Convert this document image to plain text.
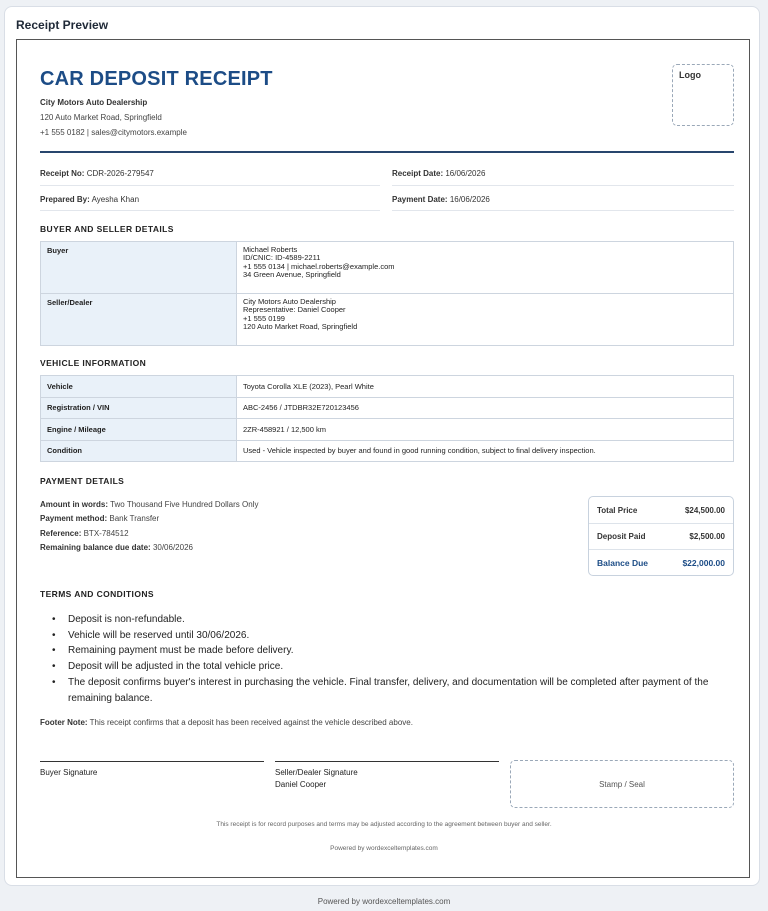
Receipt Preview
CAR DEPOSIT RECEIPT
City Motors Auto Dealership
120 Auto Market Road, Springfield
+1 555 0182 | sales@citymotors.example
Logo
Receipt No: CDR-2026-279547	Receipt Date: 16/06/2026
Prepared By: Ayesha Khan	Payment Date: 16/06/2026
BUYER AND SELLER DETAILS
Buyer	Michael Roberts
ID/CNIC: ID-4589-2211
+1 555 0134 | michael.roberts@example.com
34 Green Avenue, Springfield

Seller/Dealer	City Motors Auto Dealership
Representative: Daniel Cooper
+1 555 0199
120 Auto Market Road, Springfield
VEHICLE INFORMATION
Vehicle	Toyota Corolla XLE (2023), Pearl White
Registration / VIN	ABC-2456 / JTDBR32E720123456
Engine / Mileage	2ZR-458921 / 12,500 km
Condition	Used - Vehicle inspected by buyer and found in good running condition, subject to final delivery inspection.
PAYMENT DETAILS
Amount in words: Two Thousand Five Hundred Dollars Only
Payment method: Bank Transfer
Reference: BTX-784512
Remaining balance due date: 30/06/2026
Total Price	$24,500.00
Deposit Paid	$2,500.00
Balance Due	$22,000.00
TERMS AND CONDITIONS
• Deposit is non-refundable.
• Vehicle will be reserved until 30/06/2026.
• Remaining payment must be made before delivery.
• Deposit will be adjusted in the total vehicle price.
• The deposit confirms buyer's interest in purchasing the vehicle. Final transfer, delivery, and documentation will be completed after payment of the remaining balance.
Footer Note: This receipt confirms that a deposit has been received against the vehicle described above.
Buyer Signature	Seller/Dealer Signature
Daniel Cooper	Stamp / Seal
This receipt is for record purposes and terms may be adjusted according to the agreement between buyer and seller.
Powered by wordexceltemplates.com
Powered by wordexceltemplates.com
